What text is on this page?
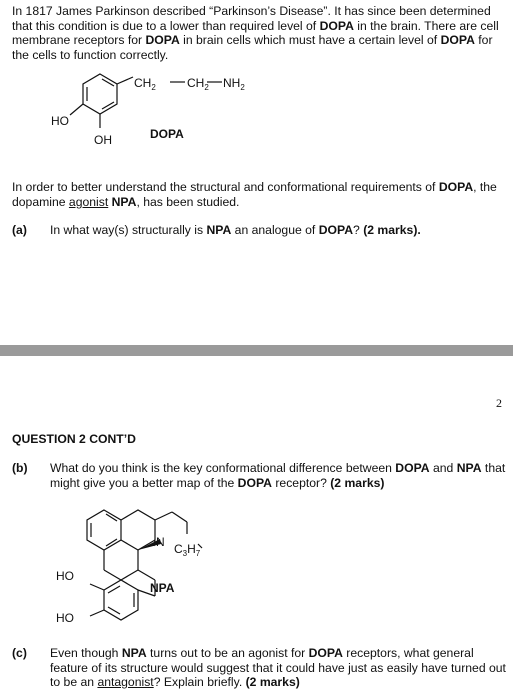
In 1817 James Parkinson described “Parkinson’s Disease”. It has since been determined that this condition is due to a lower than required level of DOPA in the brain. There are cell membrane receptors for DOPA in brain cells which must have a certain level of DOPA for the cells to function correctly.
$CH_2$	$CH_2$ $NH_2$
HO
OH	DOPA
In order to better understand the structural and conformational requirements of DOPA, the dopamine agonist NPA, has been studied.
(a) In what way(s) structurally is NPA an analogue of DOPA? (2 marks).
2
QUESTION 2 CONT’D
(b) What do you think is the key conformational difference between DOPA and NPA that might give you a better map of the DOPA receptor? (2 marks)
N $C_3H_7$
NPA
HO
HO
(c) Even though NPA turns out to be an agonist for DOPA receptors, what general feature of its structure would suggest that it could have just as easily have turned out to be an antagonist? Explain briefly. (2 marks)
